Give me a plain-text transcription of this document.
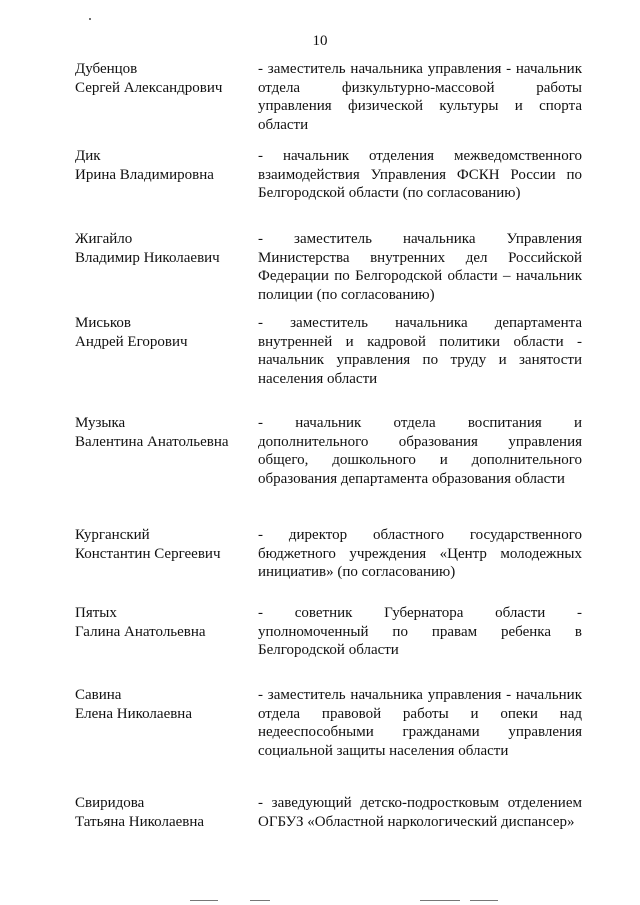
10
Дубенцов
Сергей Александрович
- заместитель начальника управления - начальник
отдела физкультурно-массовой работы
управления физической культуры и спорта
области
Дик
Ирина Владимировна
- начальник отделения межведомственного
взаимодействия Управления ФСКН России по
Белгородской области (по согласованию)
Жигайло
Владимир Николаевич
- заместитель начальника Управления
Министерства внутренних дел Российской
Федерации по Белгородской области – начальник
полиции (по согласованию)
Миськов
Андрей Егорович
- заместитель начальника департамента
внутренней и кадровой политики области -
начальник управления по труду и занятости
населения области
Музыка
Валентина Анатольевна
- начальник отдела воспитания и
дополнительного образования управления
общего, дошкольного и дополнительного
образования департамента образования области
Курганский
Константин Сергеевич
- директор областного государственного
бюджетного учреждения «Центр молодежных
инициатив» (по согласованию)
Пятых
Галина Анатольевна
- советник Губернатора области -
уполномоченный по правам ребенка в
Белгородской области
Савина
Елена Николаевна
- заместитель начальника управления - начальник
отдела правовой работы и опеки над
недееспособными гражданами управления
социальной защиты населения области
Свиридова
Татьяна Николаевна
- заведующий детско-подростковым отделением
ОГБУЗ «Областной наркологический диспансер»
